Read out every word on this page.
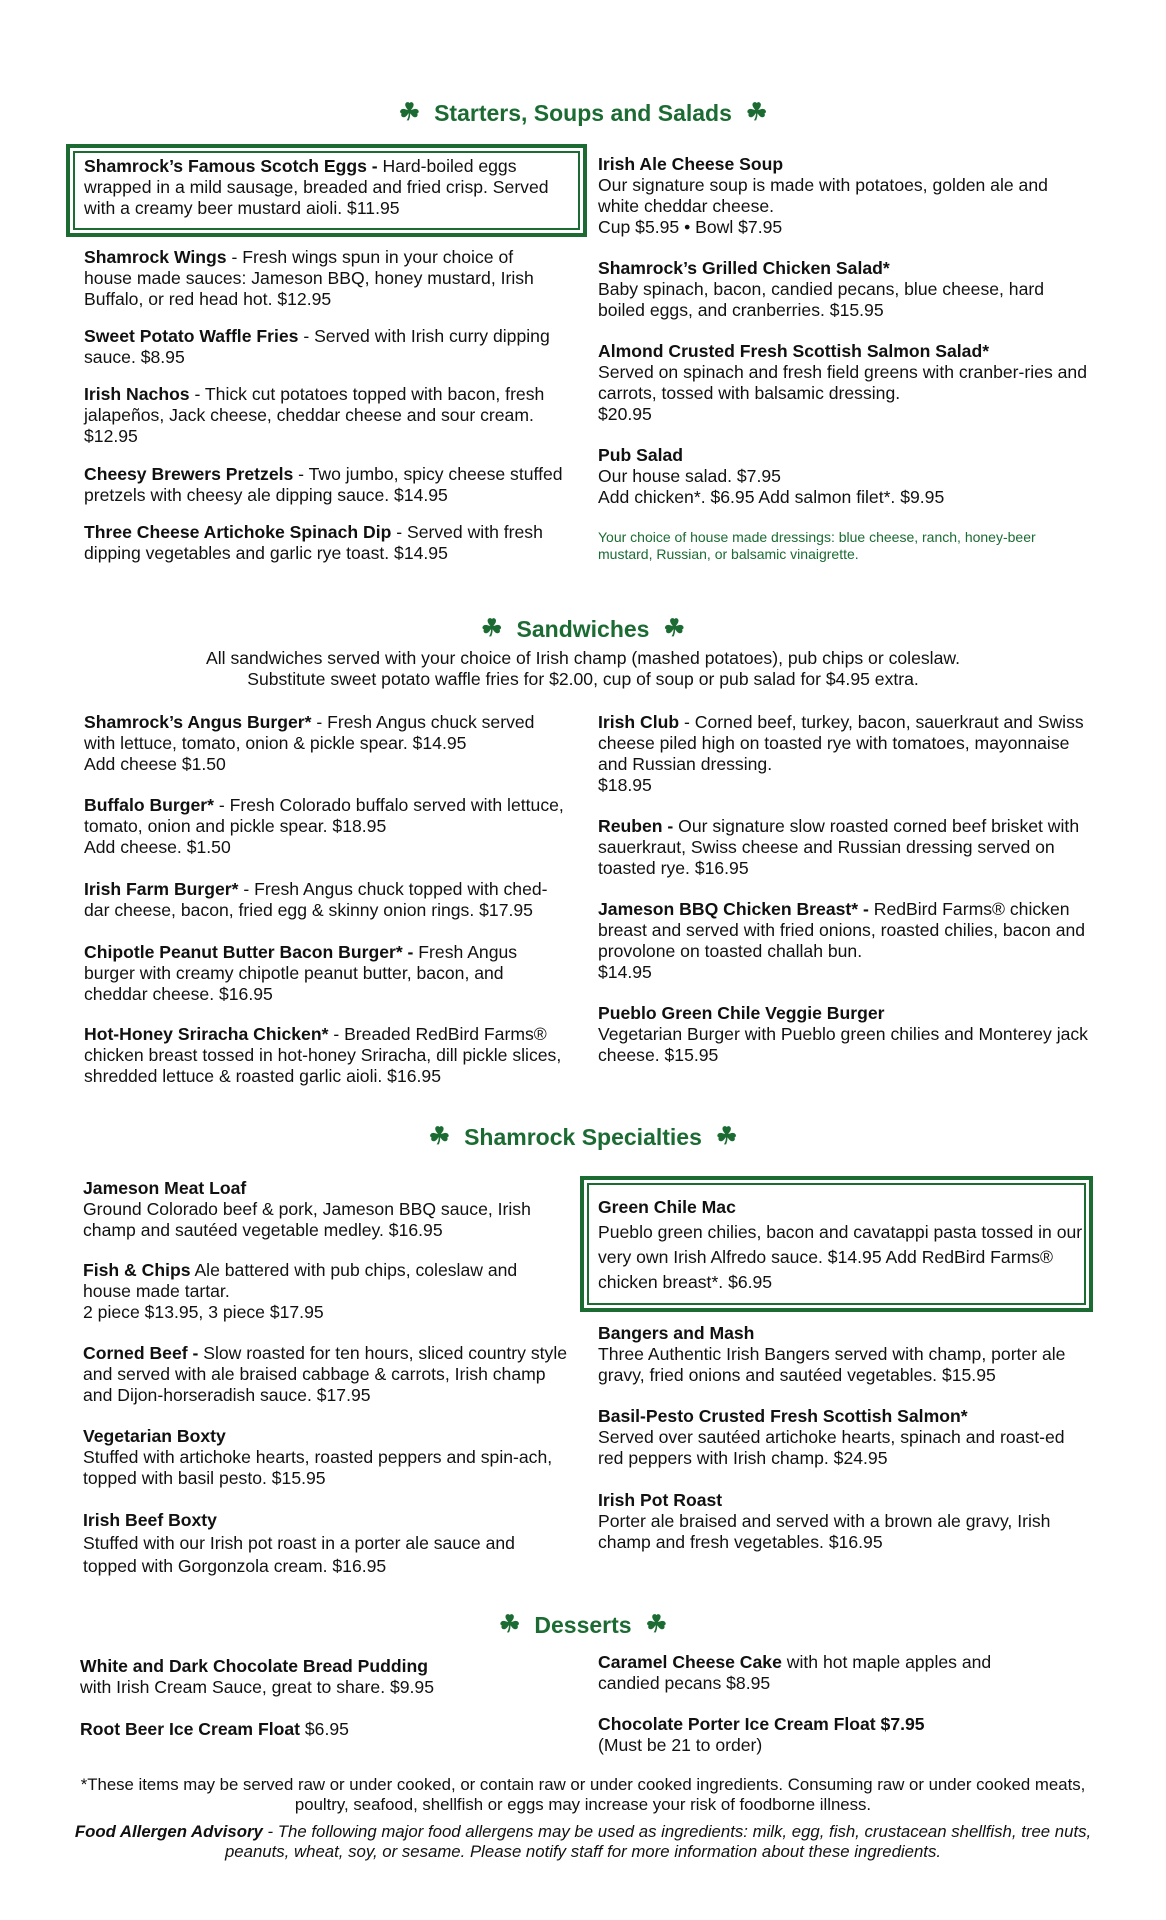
☘ Starters, Soups and Salads ☘
Shamrock’s Famous Scotch Eggs - Hard-boiled eggs wrapped in a mild sausage, breaded and fried crisp. Served with a creamy beer mustard aioli. $11.95
Shamrock Wings - Fresh wings spun in your choice of house made sauces: Jameson BBQ, honey mustard, Irish Buffalo, or red head hot. $12.95
Sweet Potato Waffle Fries - Served with Irish curry dipping sauce. $8.95
Irish Nachos - Thick cut potatoes topped with bacon, fresh jalapeños, Jack cheese, cheddar cheese and sour cream. $12.95
Cheesy Brewers Pretzels - Two jumbo, spicy cheese stuffed pretzels with cheesy ale dipping sauce. $14.95
Three Cheese Artichoke Spinach Dip - Served with fresh dipping vegetables and garlic rye toast. $14.95
Irish Ale Cheese Soup
Our signature soup is made with potatoes, golden ale and white cheddar cheese.
Cup $5.95 • Bowl $7.95
Shamrock’s Grilled Chicken Salad*
Baby spinach, bacon, candied pecans, blue cheese, hard boiled eggs, and cranberries. $15.95
Almond Crusted Fresh Scottish Salmon Salad*
Served on spinach and fresh field greens with cranber-ries and carrots, tossed with balsamic dressing.
$20.95
Pub Salad
Our house salad. $7.95
Add chicken*. $6.95 Add salmon filet*. $9.95
Your choice of house made dressings: blue cheese, ranch, honey-beer mustard, Russian, or balsamic vinaigrette.
☘ Sandwiches ☘
All sandwiches served with your choice of Irish champ (mashed potatoes), pub chips or coleslaw.
Substitute sweet potato waffle fries for $2.00, cup of soup or pub salad for $4.95 extra.
Shamrock’s Angus Burger* - Fresh Angus chuck served with lettuce, tomato, onion & pickle spear. $14.95
Add cheese $1.50
Buffalo Burger* - Fresh Colorado buffalo served with lettuce, tomato, onion and pickle spear. $18.95
Add cheese. $1.50
Irish Farm Burger* - Fresh Angus chuck topped with ched-dar cheese, bacon, fried egg & skinny onion rings. $17.95
Chipotle Peanut Butter Bacon Burger* - Fresh Angus burger with creamy chipotle peanut butter, bacon, and cheddar cheese. $16.95
Hot-Honey Sriracha Chicken* - Breaded RedBird Farms® chicken breast tossed in hot-honey Sriracha, dill pickle slices, shredded lettuce & roasted garlic aioli. $16.95
Irish Club - Corned beef, turkey, bacon, sauerkraut and Swiss cheese piled high on toasted rye with tomatoes, mayonnaise and Russian dressing.
$18.95
Reuben - Our signature slow roasted corned beef brisket with sauerkraut, Swiss cheese and Russian dressing served on toasted rye. $16.95
Jameson BBQ Chicken Breast* - RedBird Farms® chicken breast and served with fried onions, roasted chilies, bacon and provolone on toasted challah bun.
$14.95
Pueblo Green Chile Veggie Burger
Vegetarian Burger with Pueblo green chilies and Monterey jack cheese. $15.95
☘ Shamrock Specialties ☘
Jameson Meat Loaf
Ground Colorado beef & pork, Jameson BBQ sauce, Irish champ and sautéed vegetable medley. $16.95
Fish & Chips Ale battered with pub chips, coleslaw and house made tartar.
2 piece $13.95, 3 piece $17.95
Corned Beef - Slow roasted for ten hours, sliced country style and served with ale braised cabbage & carrots, Irish champ and Dijon-horseradish sauce. $17.95
Vegetarian Boxty
Stuffed with artichoke hearts, roasted peppers and spin-ach, topped with basil pesto. $15.95
Irish Beef Boxty
Stuffed with our Irish pot roast in a porter ale sauce and topped with Gorgonzola cream. $16.95
Green Chile Mac
Pueblo green chilies, bacon and cavatappi pasta tossed in our very own Irish Alfredo sauce. $14.95 Add RedBird Farms® chicken breast*. $6.95
Bangers and Mash
Three Authentic Irish Bangers served with champ, porter ale gravy, fried onions and sautéed vegetables. $15.95
Basil-Pesto Crusted Fresh Scottish Salmon*
Served over sautéed artichoke hearts, spinach and roast-ed red peppers with Irish champ. $24.95
Irish Pot Roast
Porter ale braised and served with a brown ale gravy, Irish champ and fresh vegetables. $16.95
☘ Desserts ☘
White and Dark Chocolate Bread Pudding
with Irish Cream Sauce, great to share. $9.95
Root Beer Ice Cream Float $6.95
Caramel Cheese Cake with hot maple apples and candied pecans $8.95
Chocolate Porter Ice Cream Float $7.95
(Must be 21 to order)
*These items may be served raw or under cooked, or contain raw or under cooked ingredients. Consuming raw or under cooked meats, poultry, seafood, shellfish or eggs may increase your risk of foodborne illness.
Food Allergen Advisory - The following major food allergens may be used as ingredients: milk, egg, fish, crustacean shellfish, tree nuts, peanuts, wheat, soy, or sesame. Please notify staff for more information about these ingredients.
